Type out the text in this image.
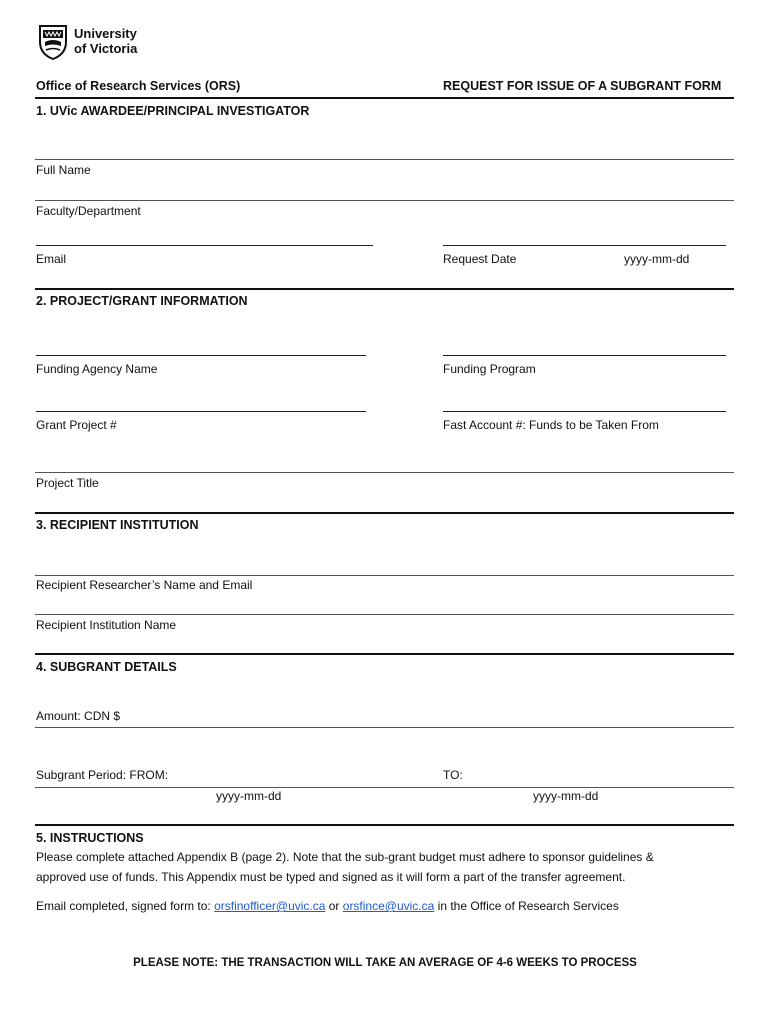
University
of Victoria
Office of Research Services (ORS)	REQUEST FOR ISSUE OF A SUBGRANT FORM
1. UVic AWARDEE/PRINCIPAL INVESTIGATOR
Full Name
Faculty/Department
Email	Request Date	yyyy-mm-dd
2. PROJECT/GRANT INFORMATION
Funding Agency Name	Funding Program
Grant Project #	Fast Account #: Funds to be Taken From
Project Title
3. RECIPIENT INSTITUTION
Recipient Researcher’s Name and Email
Recipient Institution Name
4. SUBGRANT DETAILS
Amount: CDN $
Subgrant Period: FROM:	TO:
yyyy-mm-dd	yyyy-mm-dd
5. INSTRUCTIONS
Please complete attached Appendix B (page 2). Note that the sub-grant budget must adhere to sponsor guidelines &
approved use of funds. This Appendix must be typed and signed as it will form a part of the transfer agreement.
Email completed, signed form to: orsfinofficer@uvic.ca or orsfince@uvic.ca in the Office of Research Services
PLEASE NOTE: THE TRANSACTION WILL TAKE AN AVERAGE OF 4-6 WEEKS TO PROCESS
